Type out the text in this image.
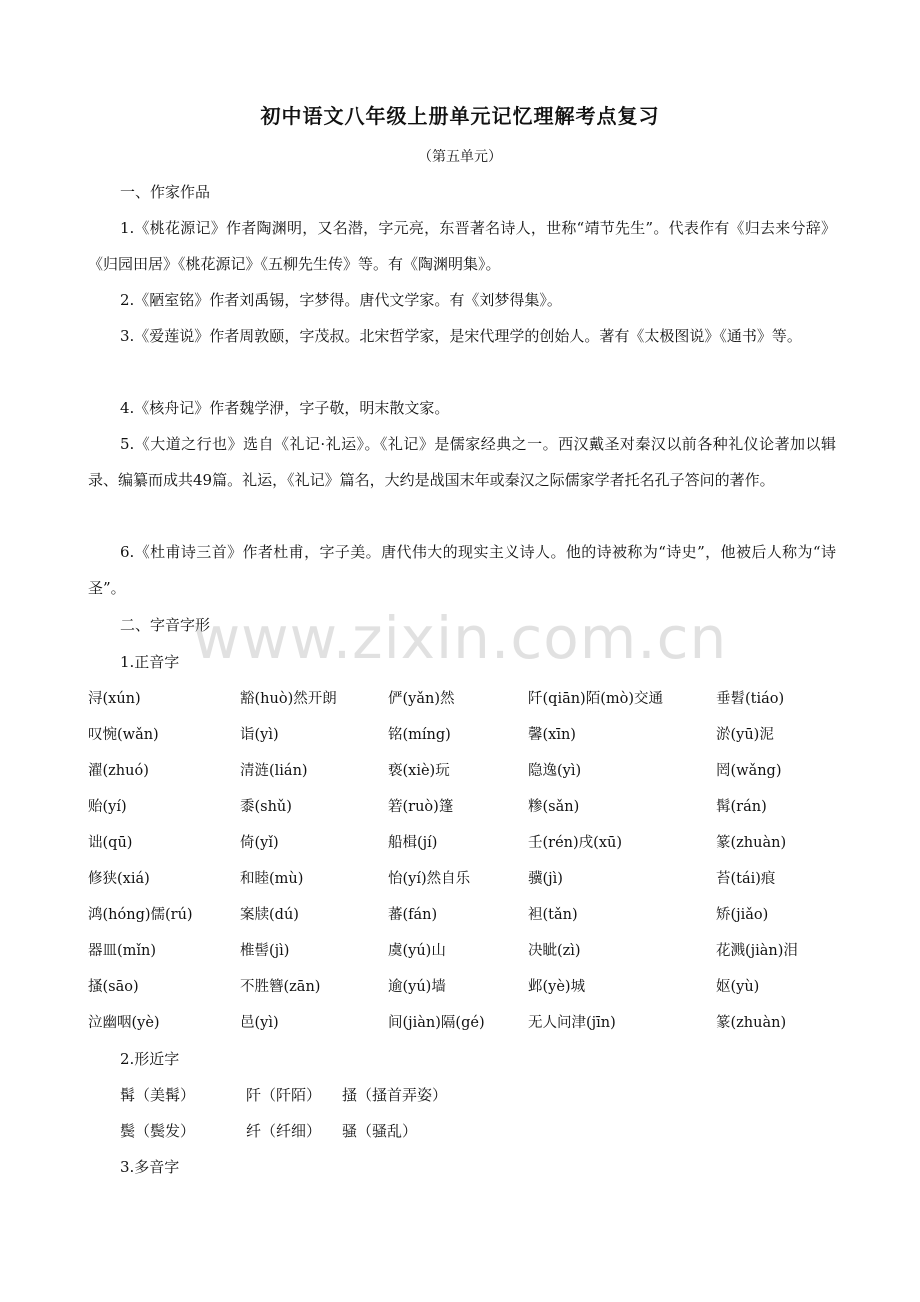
初中语文八年级上册单元记忆理解考点复习
（第五单元）
一、作家作品
1.《桃花源记》作者陶渊明，又名潜，字元亮，东晋著名诗人，世称“靖节先生”。代表作有《归去来兮辞》《归园田居》《桃花源记》《五柳先生传》等。有《陶渊明集》。
2.《陋室铭》作者刘禹锡，字梦得。唐代文学家。有《刘梦得集》。
3.《爱莲说》作者周敦颐，字茂叔。北宋哲学家，是宋代理学的创始人。著有《太极图说》《通书》等。
4.《核舟记》作者魏学洢，字子敬，明末散文家。
5.《大道之行也》选自《礼记·礼运》。《礼记》是儒家经典之一。西汉戴圣对秦汉以前各种礼仪论著加以辑录、编纂而成共49篇。礼运，《礼记》篇名，大约是战国末年或秦汉之际儒家学者托名孔子答问的著作。
6.《杜甫诗三首》作者杜甫，字子美。唐代伟大的现实主义诗人。他的诗被称为“诗史”，他被后人称为“诗圣”。
二、字音字形
1.正音字
浔(xún)	豁(huò)然开朗	俨(yǎn)然	阡(qiān)陌(mò)交通	垂髫(tiáo)
叹惋(wǎn)	诣(yì)	铭(míng)	馨(xīn)	淤(yū)泥
濯(zhuó)	清涟(lián)	亵(xiè)玩	隐逸(yì)	罔(wǎng)
贻(yí)	黍(shǔ)	箬(ruò)篷	糁(sǎn)	髯(rán)
诎(qū)	倚(yǐ)	船楫(jí)	壬(rén)戌(xū)	篆(zhuàn)
修狭(xiá)	和睦(mù)	怡(yí)然自乐	骥(jì)	苔(tái)痕
鸿(hóng)儒(rú)	案牍(dú)	蕃(fán)	袒(tǎn)	矫(jiǎo)
器皿(mǐn)	椎髻(jì)	虞(yú)山	决眦(zì)	花溅(jiàn)泪
搔(sāo)	不胜簪(zān)	逾(yú)墙	邺(yè)城	妪(yù)
泣幽咽(yè)	邑(yì)	间(jiàn)隔(gé)	无人问津(jīn)	篆(zhuàn)
2.形近字
髯（美髯）	阡（阡陌） 搔（搔首弄姿）
鬓（鬓发）	纤（纤细） 骚（骚乱）
3.多音字
www.zixin.com.cn
